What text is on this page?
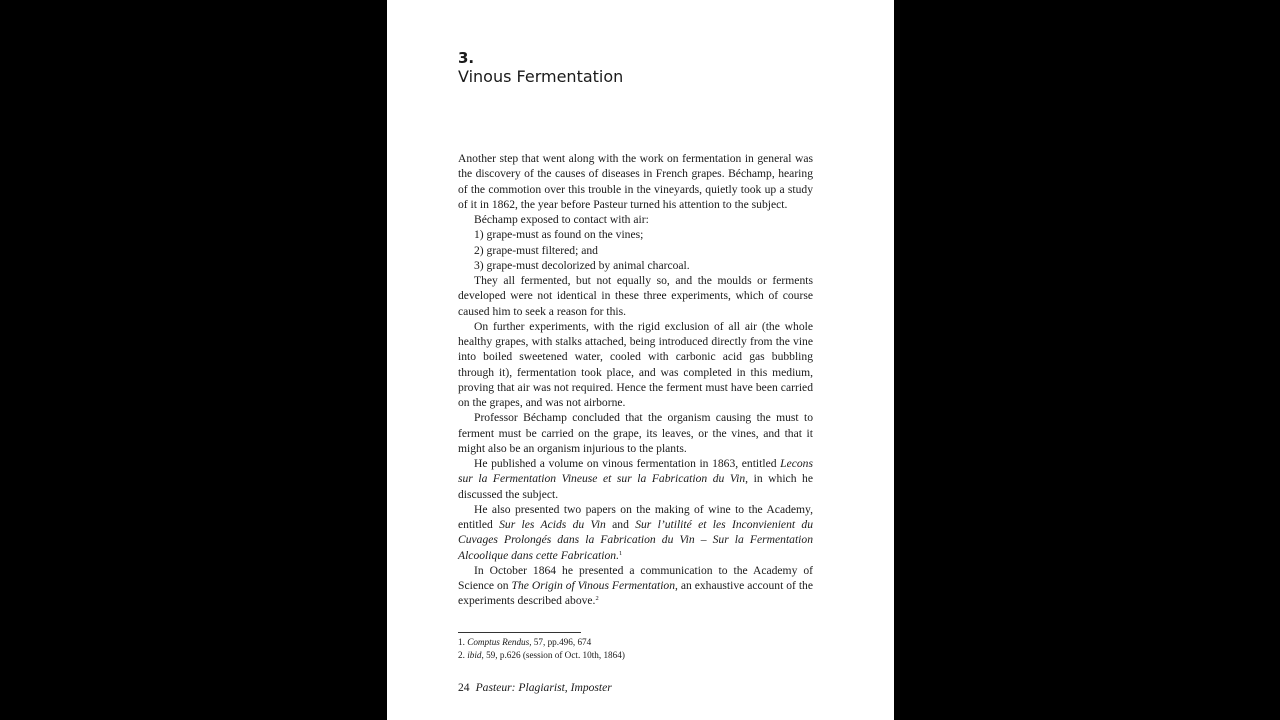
3.
Vinous Fermentation

Another step that went along with the work on fermentation in general was the discovery of the causes of diseases in French grapes. Béchamp, hearing of the commotion over this trouble in the vineyards, quietly took up a study of it in 1862, the year before Pasteur turned his attention to the subject.

Béchamp exposed to contact with air:

1) grape-must as found on the vines;

2) grape-must filtered; and

3) grape-must decolorized by animal charcoal.

They all fermented, but not equally so, and the moulds or ferments developed were not identical in these three experiments, which of course caused him to seek a reason for this.

On further experiments, with the rigid exclusion of all air (the whole healthy grapes, with stalks attached, being introduced directly from the vine into boiled sweetened water, cooled with carbonic acid gas bubbling through it), fermentation took place, and was completed in this medium, proving that air was not required. Hence the ferment must have been carried on the grapes, and was not airborne.

Professor Béchamp concluded that the organism causing the must to ferment must be carried on the grape, its leaves, or the vines, and that it might also be an organism injurious to the plants.

He published a volume on vinous fermentation in 1863, entitled Lecons sur la Fermentation Vineuse et sur la Fabrication du Vin, in which he discussed the subject.

He also presented two papers on the making of wine to the Academy, entitled Sur les Acids du Vin and Sur l’utilité et les Inconvienient du Cuvages Prolongés dans la Fabrication du Vin – Sur la Fermentation Alcoolique dans cette Fabrication.$^1$

In October 1864 he presented a communication to the Academy of Science on The Origin of Vinous Fermentation, an exhaustive account of the experiments described above.$^2$

1. Comptus Rendus, 57, pp.496, 674
2. ibid, 59, p.626 (session of Oct. 10th, 1864)
24 Pasteur: Plagiarist, Imposter
